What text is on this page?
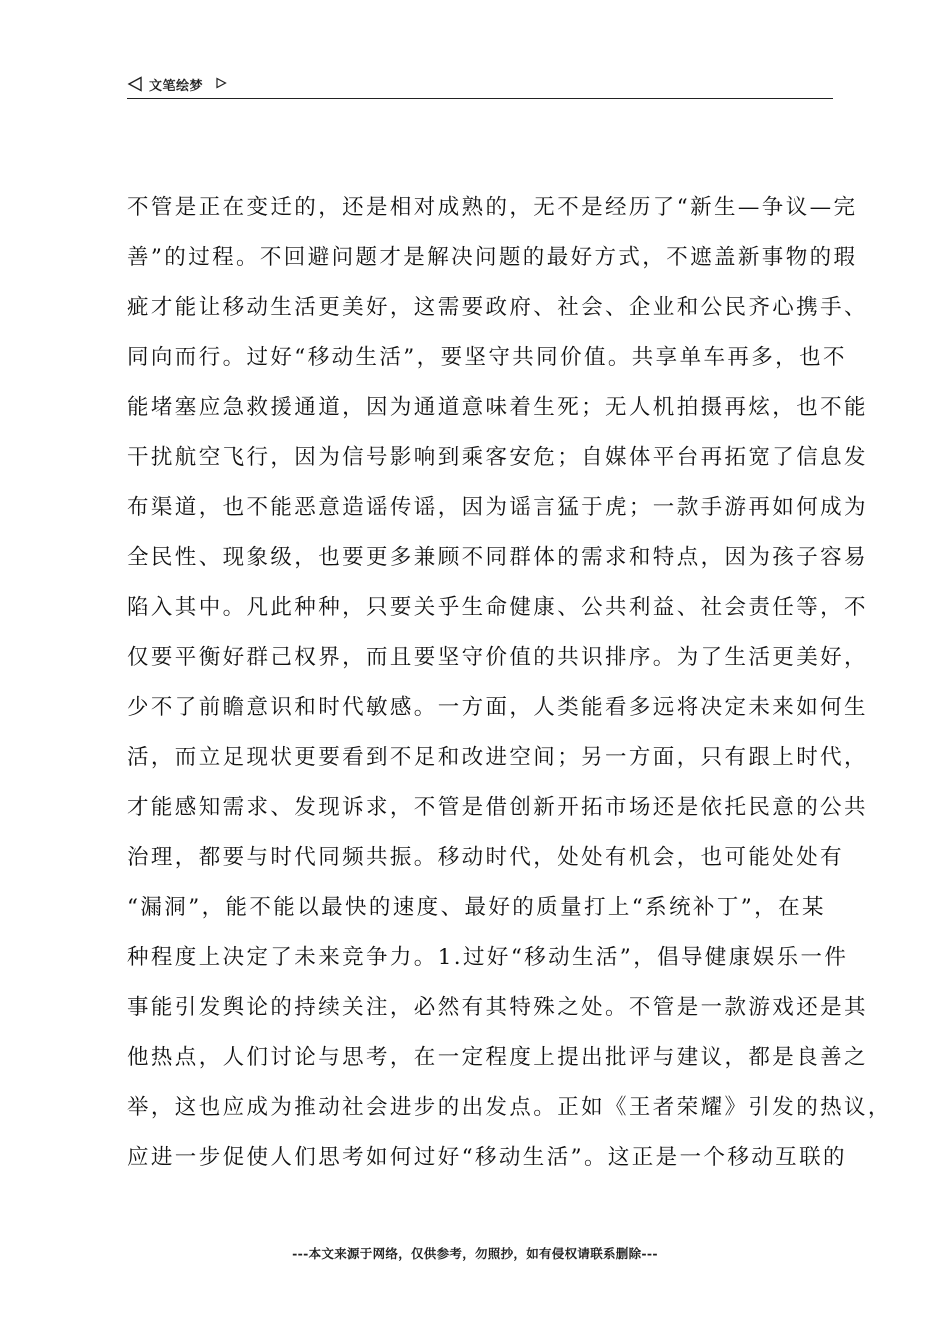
文笔绘梦
不管是正在变迁的，还是相对成熟的，无不是经历了“新生—争议—完
善”的过程。不回避问题才是解决问题的最好方式，不遮盖新事物的瑕
疵才能让移动生活更美好，这需要政府、社会、企业和公民齐心携手、
同向而行。过好“移动生活”，要坚守共同价值。共享单车再多，也不
能堵塞应急救援通道，因为通道意味着生死；无人机拍摄再炫，也不能
干扰航空飞行，因为信号影响到乘客安危；自媒体平台再拓宽了信息发
布渠道，也不能恶意造谣传谣，因为谣言猛于虎；一款手游再如何成为
全民性、现象级，也要更多兼顾不同群体的需求和特点，因为孩子容易
陷入其中。凡此种种，只要关乎生命健康、公共利益、社会责任等，不
仅要平衡好群己权界，而且要坚守价值的共识排序。为了生活更美好，
少不了前瞻意识和时代敏感。一方面，人类能看多远将决定未来如何生
活，而立足现状更要看到不足和改进空间；另一方面，只有跟上时代，
才能感知需求、发现诉求，不管是借创新开拓市场还是依托民意的公共
治理，都要与时代同频共振。移动时代，处处有机会，也可能处处有
“漏洞”，能不能以最快的速度、最好的质量打上“系统补丁”，在某
种程度上决定了未来竞争力。1.过好“移动生活”，倡导健康娱乐一件
事能引发舆论的持续关注，必然有其特殊之处。不管是一款游戏还是其
他热点，人们讨论与思考，在一定程度上提出批评与建议，都是良善之
举，这也应成为推动社会进步的出发点。正如《王者荣耀》引发的热议，
应进一步促使人们思考如何过好“移动生活”。这正是一个移动互联的
---本文来源于网络，仅供参考，勿照抄，如有侵权请联系删除---
